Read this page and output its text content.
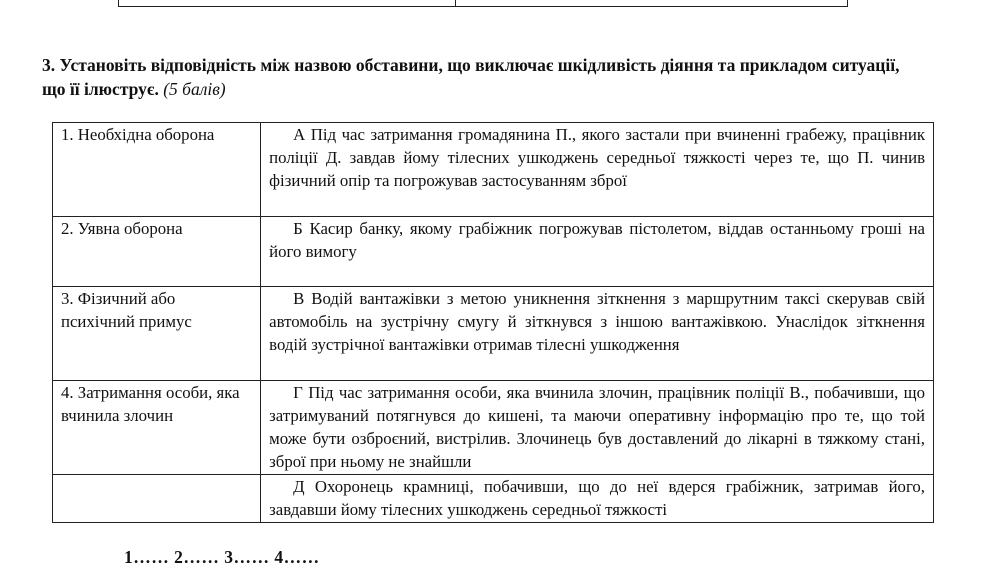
3. Установіть відповідність між назвою обставини, що виключає шкідливість діяння та прикладом ситуації, що її ілюструє. (5 балів)
1. Необхідна оборона	А Під час затримання громадянина П., якого застали при вчиненні грабежу, працівник поліції Д. завдав йому тілесних ушкоджень середньої тяжкості через те, що П. чинив фізичний опір та погрожував застосуванням зброї
2. Уявна оборона	Б Касир банку, якому грабіжник погрожував пістолетом, віддав останньому гроші на його вимогу
3. Фізичний або психічний примус	В Водій вантажівки з метою уникнення зіткнення з маршрутним таксі скерував свій автомобіль на зустрічну смугу й зіткнувся з іншою вантажівкою. Унаслідок зіткнення водій зустрічної вантажівки отримав тілесні ушкодження
4. Затримання особи, яка вчинила злочин	Г Під час затримання особи, яка вчинила злочин, працівник поліції В., побачивши, що затримуваний потягнувся до кишені, та маючи оперативну інформацію про те, що той може бути озброєний, вистрілив. Злочинець був доставлений до лікарні в тяжкому стані, зброї при ньому не знайшли
	Д Охоронець крамниці, побачивши, що до неї вдерся грабіжник, затримав його, завдавши йому тілесних ушкоджень середньої тяжкості
1…… 2…… 3…… 4……
